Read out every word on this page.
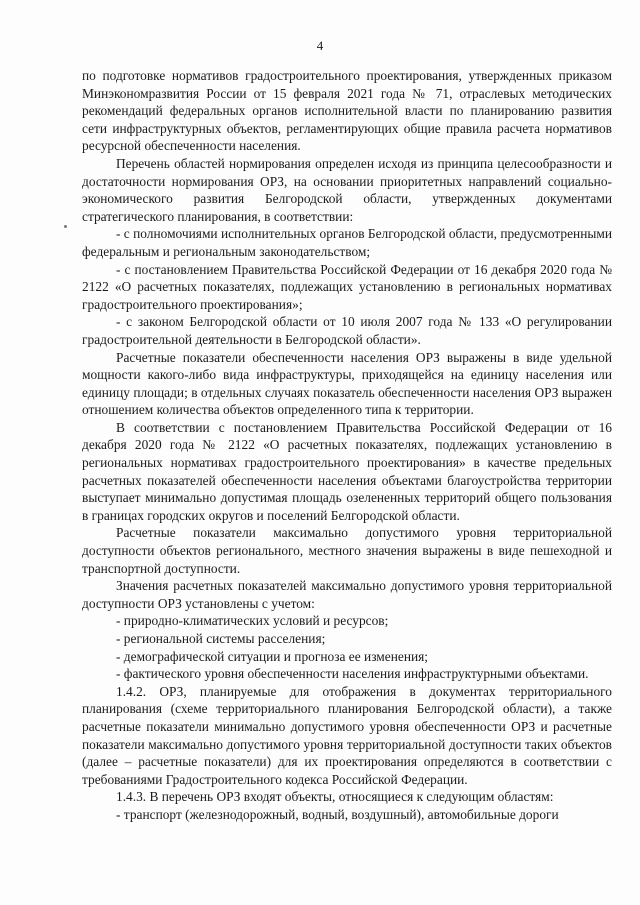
4

по подготовке нормативов градостроительного проектирования, утвержденных приказом Минэкономразвития России от 15 февраля 2021 года № 71, отраслевых методических рекомендаций федеральных органов исполнительной власти по планированию развития сети инфраструктурных объектов, регламентирующих общие правила расчета нормативов ресурсной обеспеченности населения.

Перечень областей нормирования определен исходя из принципа целесообразности и достаточности нормирования ОРЗ, на основании приоритетных направлений социально-экономического развития Белгородской области, утвержденных документами стратегического планирования, в соответствии:

- с полномочиями исполнительных органов Белгородской области, предусмотренными федеральным и региональным законодательством;

- с постановлением Правительства Российской Федерации от 16 декабря 2020 года № 2122 «О расчетных показателях, подлежащих установлению в региональных нормативах градостроительного проектирования»;

- с законом Белгородской области от 10 июля 2007 года № 133 «О регулировании градостроительной деятельности в Белгородской области».

Расчетные показатели обеспеченности населения ОРЗ выражены в виде удельной мощности какого-либо вида инфраструктуры, приходящейся на единицу населения или единицу площади; в отдельных случаях показатель обеспеченности населения ОРЗ выражен отношением количества объектов определенного типа к территории.

В соответствии с постановлением Правительства Российской Федерации от 16 декабря 2020 года № 2122 «О расчетных показателях, подлежащих установлению в региональных нормативах градостроительного проектирования» в качестве предельных расчетных показателей обеспеченности населения объектами благоустройства территории выступает минимально допустимая площадь озелененных территорий общего пользования в границах городских округов и поселений Белгородской области.

Расчетные показатели максимально допустимого уровня территориальной доступности объектов регионального, местного значения выражены в виде пешеходной и транспортной доступности.

Значения расчетных показателей максимально допустимого уровня территориальной доступности ОРЗ установлены с учетом:

- природно-климатических условий и ресурсов;

- региональной системы расселения;

- демографической ситуации и прогноза ее изменения;

- фактического уровня обеспеченности населения инфраструктурными объектами.

1.4.2. ОРЗ, планируемые для отображения в документах территориального планирования (схеме территориального планирования Белгородской области), а также расчетные показатели минимально допустимого уровня обеспеченности ОРЗ и расчетные показатели максимально допустимого уровня территориальной доступности таких объектов (далее – расчетные показатели) для их проектирования определяются в соответствии с требованиями Градостроительного кодекса Российской Федерации.

1.4.3. В перечень ОРЗ входят объекты, относящиеся к следующим областям:

- транспорт (железнодорожный, водный, воздушный), автомобильные дороги
